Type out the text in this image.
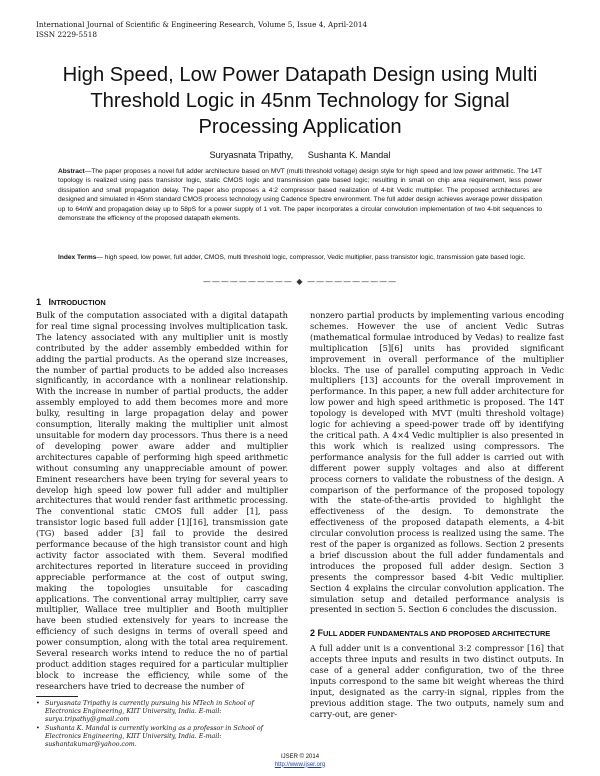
International Journal of Scientific & Engineering Research, Volume 5, Issue 4, April-2014
ISSN 2229-5518
High Speed, Low Power Datapath Design using Multi Threshold Logic in 45nm Technology for Signal Processing Application
Suryasnata Tripathy, Sushanta K. Mandal
Abstract—The paper proposes a novel full adder architecture based on MVT (multi threshold voltage) design style for high speed and low power arithmetic. The 14T topology is realized using pass transistor logic, static CMOS logic and transmission gate based logic; resulting in small on chip area requirement, less power dissipation and small propagation delay. The paper also proposes a 4:2 compressor based realization of 4-bit Vedic multiplier. The proposed architectures are designed and simulated in 45nm standard CMOS process technology using Cadence Spectre environment. The full adder design achieves average power dissipation up to 64nW and propagation delay up to 58pS for a power supply of 1 volt. The paper incorporates a circular convolution implementation of two 4-bit sequences to demonstrate the efficiency of the proposed datapath elements.
Index Terms— high speed, low power, full adder, CMOS, multi threshold logic, compressor, Vedic multiplier, pass transistor logic, transmission gate based logic.
—————————— ◆ ——————————
1 INTRODUCTION

Bulk of the computation associated with a digital datapath for real time signal processing involves multiplication task. The latency associated with any multiplier unit is mostly contributed by the adder assembly embedded within for adding the partial products. As the operand size increases, the number of partial products to be added also increases significantly, in accordance with a nonlinear relationship. With the increase in number of partial products, the adder assembly employed to add them becomes more and more bulky, resulting in large propagation delay and power consumption, literally making the multiplier unit almost unsuitable for modern day processors. Thus there is a need of developing power aware adder and multiplier architectures capable of performing high speed arithmetic without consuming any unappreciable amount of power. Eminent researchers have been trying for several years to develop high speed low power full adder and multiplier architectures that would render fast arithmetic processing. The conventional static CMOS full adder [1], pass transistor logic based full adder [1][16], transmission gate (TG) based adder [3] fail to provide the desired performance because of the high transistor count and high activity factor associated with them. Several modified architectures reported in literature succeed in providing appreciable performance at the cost of output swing, making the topologies unsuitable for cascading applications. The conventional array multiplier, carry save multiplier, Wallace tree multiplier and Booth multiplier have been studied extensively for years to increase the efficiency of such designs in terms of overall speed and power consumption, along with the total area requirement. Several research works intend to reduce the no of partial product addition stages required for a particular multiplier block to increase the efficiency, while some of the researchers have tried to decrease the number of

• Suryasnata Tripathy is currently pursuing his MTech in School of Electronics Engineering, KIIT University, India. E-mail: surya.tripathy@gmail.com
• Sushanta K. Mandal is currently working as a professor in School of Electronics Engineering, KIIT University, India. E-mail: sushantakumar@yahoo.com.

nonzero partial products by implementing various encoding schemes. However the use of ancient Vedic Sutras (mathematical formulae introduced by Vedas) to realize fast multiplication [5][6] units has provided significant improvement in overall performance of the multiplier blocks. The use of parallel computing approach in Vedic multipliers [13] accounts for the overall improvement in performance. In this paper, a new full adder architecture for low power and high speed arithmetic is proposed. The 14T topology is developed with MVT (multi threshold voltage) logic for achieving a speed-power trade off by identifying the critical path. A 4×4 Vedic multiplier is also presented in this work which is realized using compressors. The performance analysis for the full adder is carried out with different power supply voltages and also at different process corners to validate the robustness of the design. A comparison of the performance of the proposed topology with the state-of-the-artis provided to highlight the effectiveness of the design. To demonstrate the effectiveness of the proposed datapath elements, a 4-bit circular convolution process is realized using the same. The rest of the paper is organized as follows. Section 2 presents a brief discussion about the full adder fundamentals and introduces the proposed full adder design. Section 3 presents the compressor based 4-bit Vedic multiplier. Section 4 explains the circular convolution application. The simulation setup and detailed performance analysis is presented in section 5. Section 6 concludes the discussion.

2 FULL ADDER FUNDAMENTALS AND PROPOSED ARCHITECTURE

A full adder unit is a conventional 3:2 compressor [16] that accepts three inputs and results in two distinct outputs. In case of a general adder configuration, two of the three inputs correspond to the same bit weight whereas the third input, designated as the carry-in signal, ripples from the previous addition stage. The two outputs, namely sum and carry-out, are gener-

IJSER © 2014
http://www.ijser.org
